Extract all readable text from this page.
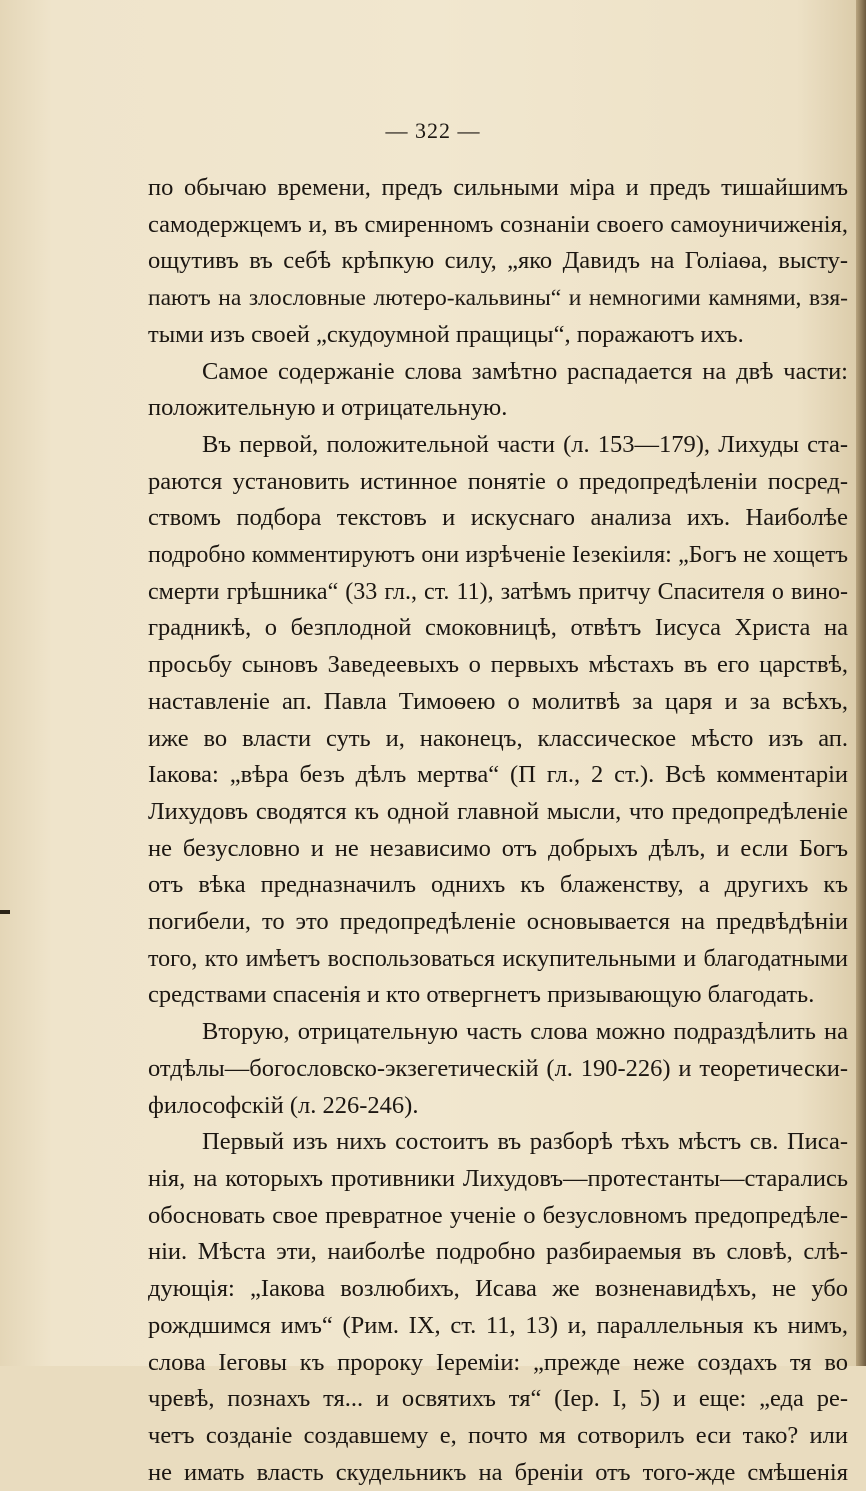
— 322 —
по обычаю времени, предъ сильными міра и предъ тишайшимъ
самодержцемъ и, въ смиренномъ сознаніи своего самоуничиженія,
ощутивъ въ себѣ крѣпкую силу, „яко Давидъ на Голіаѳа, высту-
паютъ на злословные лютеро-кальвины“ и немногими камнями, взя-
тыми изъ своей „скудоумной пращицы“, поражаютъ ихъ.
Самое содержаніе слова замѣтно распадается на двѣ части:
положительную и отрицательную.
Въ первой, положительной части (л. 153—179), Лихуды ста-
раются установить истинное понятіе о предопредѣленіи посред-
ствомъ подбора текстовъ и искуснаго анализа ихъ. Наиболѣе
подробно комментируютъ они изрѣченіе Іезекіиля: „Богъ не хощетъ
смерти грѣшника“ (33 гл., ст. 11), затѣмъ притчу Спасителя о вино-
градникѣ, о безплодной смоковницѣ, отвѣтъ Іисуса Христа на
просьбу сыновъ Заведеевыхъ о первыхъ мѣстахъ въ его царствѣ,
наставленіе ап. Павла Тимоѳею о молитвѣ за царя и за всѣхъ,
иже во власти суть и, наконецъ, классическое мѣсто изъ ап.
Іакова: „вѣра безъ дѣлъ мертва“ (П гл., 2 ст.). Всѣ комментаріи
Лихудовъ сводятся къ одной главной мысли, что предопредѣленіе
не безусловно и не независимо отъ добрыхъ дѣлъ, и если Богъ
отъ вѣка предназначилъ однихъ къ блаженству, а другихъ къ
погибели, то это предопредѣленіе основывается на предвѣдѣніи
того, кто имѣетъ воспользоваться искупительными и благодатными
средствами спасенія и кто отвергнетъ призывающую благодать.
Вторую, отрицательную часть слова можно подраздѣлить на
отдѣлы—богословско-экзегетическій (л. 190-226) и теоретически-
философскій (л. 226-246).
Первый изъ нихъ состоитъ въ разборѣ тѣхъ мѣстъ св. Писа-
нія, на которыхъ противники Лихудовъ—протестанты—старались
обосновать свое превратное ученіе о безусловномъ предопредѣле-
ніи. Мѣста эти, наиболѣе подробно разбираемыя въ словѣ, слѣ-
дующія: „Іакова возлюбихъ, Исава же возненавидѣхъ, не убо
рождшимся имъ“ (Рим. IX, ст. 11, 13) и, параллельныя къ нимъ,
слова Іеговы къ пророку Іереміи: „прежде неже создахъ тя во
чревѣ, познахъ тя... и освятихъ тя“ (Іер. I, 5) и еще: „еда ре-
четъ созданіе создавшему е, почто мя сотворилъ еси тако? или
не имать власть скудельникъ на бреніи отъ того-жде смѣшенія
